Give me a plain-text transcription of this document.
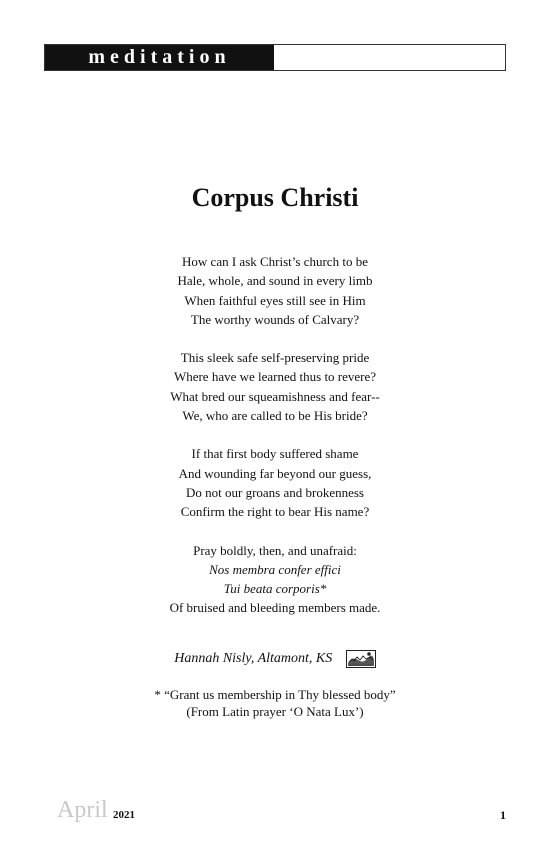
meditation
Corpus Christi
How can I ask Christ’s church to be
Hale, whole, and sound in every limb
When faithful eyes still see in Him
The worthy wounds of Calvary?
This sleek safe self-preserving pride
Where have we learned thus to revere?
What bred our squeamishness and fear--
We, who are called to be His bride?
If that first body suffered shame
And wounding far beyond our guess,
Do not our groans and brokenness
Confirm the right to bear His name?
Pray boldly, then, and unafraid:
Nos membra confer effici
Tui beata corporis*
Of bruised and bleeding members made.
Hannah Nisly, Altamont, KS
* “Grant us membership in Thy blessed body”
(From Latin prayer ‘O Nata Lux’)
April 2021	1
